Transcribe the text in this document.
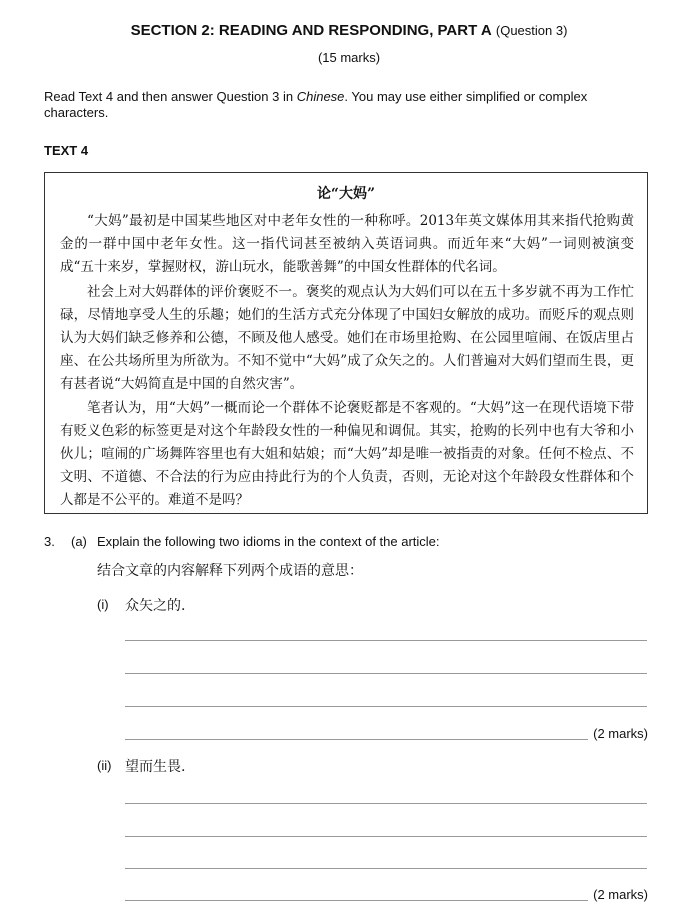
SECTION 2: READING AND RESPONDING, PART A (Question 3)
(15 marks)
Read Text 4 and then answer Question 3 in Chinese. You may use either simplified or complex characters.
TEXT 4
论“大妈”

“大妈”最初是中国某些地区对中老年女性的一种称呼。2013年英文媒体用其来指代抢购黄金的一群中国中老年女性。这一指代词甚至被纳入英语词典。而近年来“大妈”一词则被演变成“五十来岁，掌握财权，游山玩水，能歌善舞”的中国女性群体的代名词。

社会上对大妈群体的评价褒贬不一。褒奖的观点认为大妈们可以在五十多岁就不再为工作忙碌，尽情地享受人生的乐趣；她们的生活方式充分体现了中国妇女解放的成功。而贬斥的观点则认为大妈们缺乏修养和公德，不顾及他人感受。她们在市场里抢购、在公园里喧闹、在饭店里占座、在公共场所里为所欲为。不知不觉中“大妈”成了众矢之的。人们普遍对大妈们望而生畏，更有甚者说“大妈简直是中国的自然灾害”。

笔者认为，用“大妈”一概而论一个群体不论褒贬都是不客观的。“大妈”这一在现代语境下带有贬义色彩的标签更是对这个年龄段女性的一种偏见和调侃。其实，抢购的长列中也有大爷和小伙儿；喧闹的广场舞阵容里也有大姐和姑娘；而“大妈”却是唯一被指责的对象。任何不检点、不文明、不道德、不合法的行为应由持此行为的个人负责，否则，无论对这个年龄段女性群体和个人都是不公平的。难道不是吗？

3. (a) Explain the following two idioms in the context of the article:
结合文章的内容解释下列两个成语的意思：
(i) 众矢之的.
(2 marks)
(ii) 望而生畏.
(2 marks)
